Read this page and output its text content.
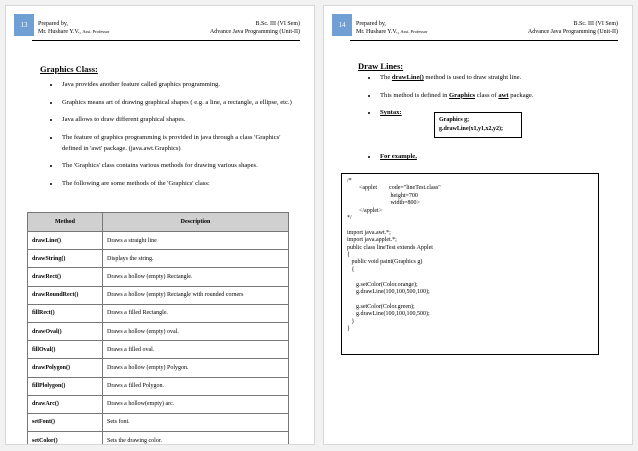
13	Prepared by,
Mr. Hushare Y.V., Asst. Professor
B.Sc. III (VI Sem)
Advance Java Programming (Unit-II)
Graphics Class:
• Java provides another feature called graphics programming.
• Graphics means art of drawing graphical shapes ( e.g. a line, a rectangle, a ellipse, etc.)
• Java allows to draw different graphical shapes.
• The feature of graphics programming is provided in java through a class 'Graphics' defined in 'awt' package. (java.awt.Graphics)
• The 'Graphics' class contains various methods for drawing various shapes.
• The following are some methods of the 'Graphics' class:
Method	Description
drawLine()	Draws a straight line
drawString()	Displays the string.
drawRect()	Draws a hollow (empty) Rectangle.
drawRoundRect()	Draws a hollow (empty) Rectangle with rounded corners
fillRect()	Draws a filled Rectangle.
drawOval()	Draws a hollow (empty) oval.
fillOval()	Draws a filled oval.
drawPolygon()	Draws a hollow (empty) Polygon.
fillPlolygon()	Draws a filled Polygon.
drawArc()	Draws a hollow(empty) arc.
setFont()	Sets font.
setColor()	Sets the drawing color.
14	Prepared by,
Mr. Hushare Y.V., Asst. Professor
B.Sc. III (VI Sem)
Advance Java Programming (Unit-II)
Draw Lines:
• The drawLine() method is used to draw straight line.
• This method is defined in Graphics class of awt package.
• Syntax:
Graphics g;
g.drawLine(x1,y1,x2,y2);
• For example,
/*
<applet        code="lineTest.class"
height=700
width=800>
</applet>
*/

import java.awt.*;
import java.applet.*;
public class lineTest extends Applet
{
public void paint(Graphics g)
{

g.setColor(Color.orange);
g.drawLine(100,100,500,100);

g.setColor(Color.green);
g.drawLine(100,100,100,500);
}
}
